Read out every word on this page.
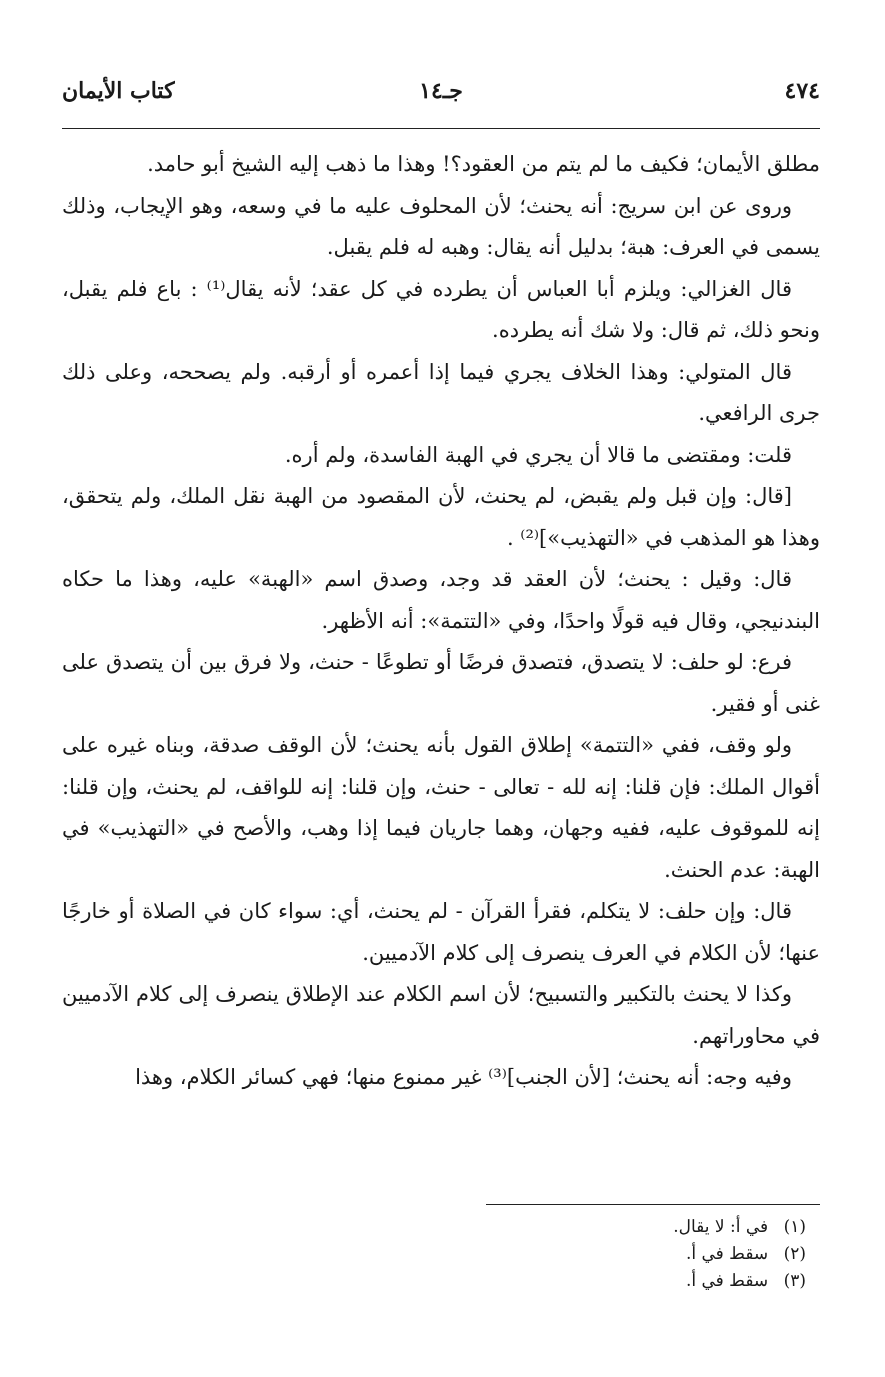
٤٧٤
جـ١٤
كتاب الأيمان

مطلق الأيمان؛ فكيف ما لم يتم من العقود؟! وهذا ما ذهب إليه الشيخ أبو حامد.

وروى عن ابن سريج: أنه يحنث؛ لأن المحلوف عليه ما في وسعه، وهو الإيجاب، وذلك يسمى في العرف: هبة؛ بدليل أنه يقال: وهبه له فلم يقبل.

قال الغزالي: ويلزم أبا العباس أن يطرده في كل عقد؛ لأنه يقال⁽¹⁾ : باع فلم يقبل، ونحو ذلك، ثم قال: ولا شك أنه يطرده.

قال المتولي: وهذا الخلاف يجري فيما إذا أعمره أو أرقبه. ولم يصححه، وعلى ذلك جرى الرافعي.

قلت: ومقتضى ما قالا أن يجري في الهبة الفاسدة، ولم أره.

[قال: وإن قبل ولم يقبض، لم يحنث، لأن المقصود من الهبة نقل الملك، ولم يتحقق، وهذا هو المذهب في «التهذيب»]⁽²⁾ .

قال: وقيل : يحنث؛ لأن العقد قد وجد، وصدق اسم «الهبة» عليه، وهذا ما حكاه البندنيجي، وقال فيه قولًا واحدًا، وفي «التتمة»: أنه الأظهر.

فرع: لو حلف: لا يتصدق، فتصدق فرضًا أو تطوعًا - حنث، ولا فرق بين أن يتصدق على غنى أو فقير.

ولو وقف، ففي «التتمة» إطلاق القول بأنه يحنث؛ لأن الوقف صدقة، وبناه غيره على أقوال الملك: فإن قلنا: إنه لله - تعالى - حنث، وإن قلنا: إنه للواقف، لم يحنث، وإن قلنا: إنه للموقوف عليه، ففيه وجهان، وهما جاريان فيما إذا وهب، والأصح في «التهذيب» في الهبة: عدم الحنث.

قال: وإن حلف: لا يتكلم، فقرأ القرآن - لم يحنث، أي: سواء كان في الصلاة أو خارجًا عنها؛ لأن الكلام في العرف ينصرف إلى كلام الآدميين.

وكذا لا يحنث بالتكبير والتسبيح؛ لأن اسم الكلام عند الإطلاق ينصرف إلى كلام الآدميين في محاوراتهم.

وفيه وجه: أنه يحنث؛ [لأن الجنب]⁽³⁾ غير ممنوع منها؛ فهي كسائر الكلام، وهذا

(١) في أ: لا يقال.

(٢) سقط في أ.

(٣) سقط في أ.
